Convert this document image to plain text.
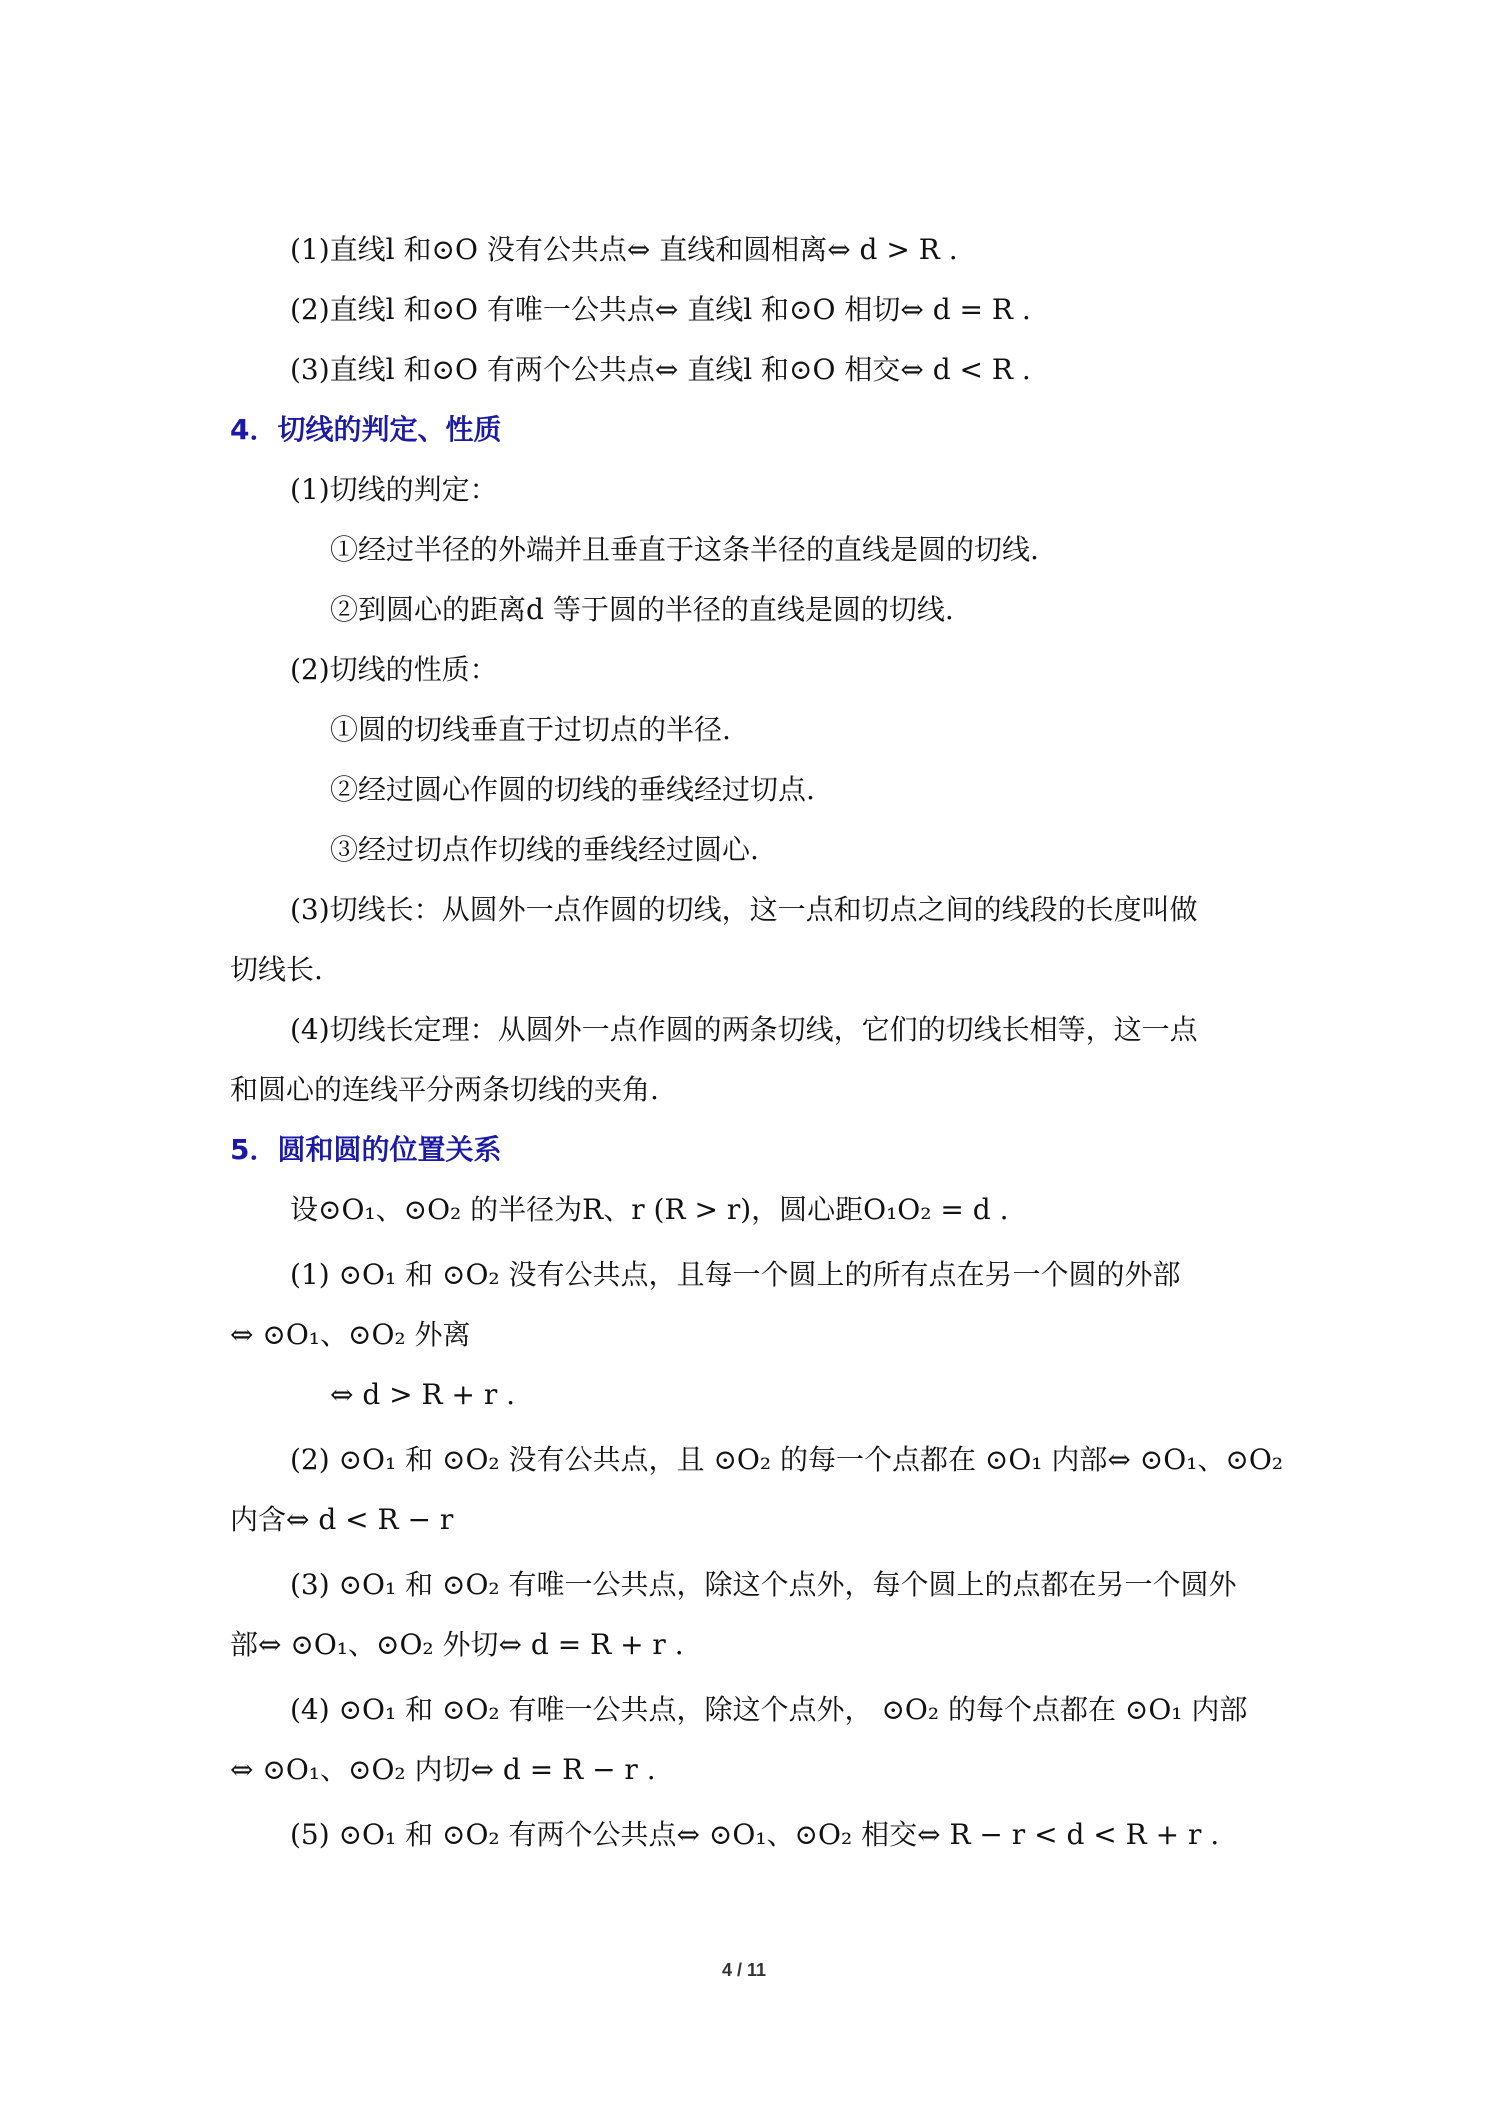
(1)直线l 和⊙O 没有公共点⇔ 直线和圆相离⇔ d > R .
(2)直线l 和⊙O 有唯一公共点⇔ 直线l 和⊙O 相切⇔ d = R .
(3)直线l 和⊙O 有两个公共点⇔ 直线l 和⊙O 相交⇔ d < R .
4．切线的判定、性质
(1)切线的判定：
①经过半径的外端并且垂直于这条半径的直线是圆的切线.
②到圆心的距离d 等于圆的半径的直线是圆的切线.
(2)切线的性质：
①圆的切线垂直于过切点的半径.
②经过圆心作圆的切线的垂线经过切点.
③经过切点作切线的垂线经过圆心.
(3)切线长：从圆外一点作圆的切线，这一点和切点之间的线段的长度叫做
切线长.
(4)切线长定理：从圆外一点作圆的两条切线，它们的切线长相等，这一点
和圆心的连线平分两条切线的夹角.
5．圆和圆的位置关系
设⊙O₁、⊙O₂ 的半径为R、r (R > r)，圆心距O₁O₂ = d .
(1) ⊙O₁ 和 ⊙O₂ 没有公共点，且每一个圆上的所有点在另一个圆的外部
⇔ ⊙O₁、⊙O₂ 外离
⇔ d > R + r .
(2) ⊙O₁ 和 ⊙O₂ 没有公共点，且 ⊙O₂ 的每一个点都在 ⊙O₁ 内部⇔ ⊙O₁、⊙O₂
内含⇔ d < R − r
(3) ⊙O₁ 和 ⊙O₂ 有唯一公共点，除这个点外，每个圆上的点都在另一个圆外
部⇔ ⊙O₁、⊙O₂ 外切⇔ d = R + r .
(4) ⊙O₁ 和 ⊙O₂ 有唯一公共点，除这个点外， ⊙O₂ 的每个点都在 ⊙O₁ 内部
⇔ ⊙O₁、⊙O₂ 内切⇔ d = R − r .
(5) ⊙O₁ 和 ⊙O₂ 有两个公共点⇔ ⊙O₁、⊙O₂ 相交⇔ R − r < d < R + r .
4 / 11
